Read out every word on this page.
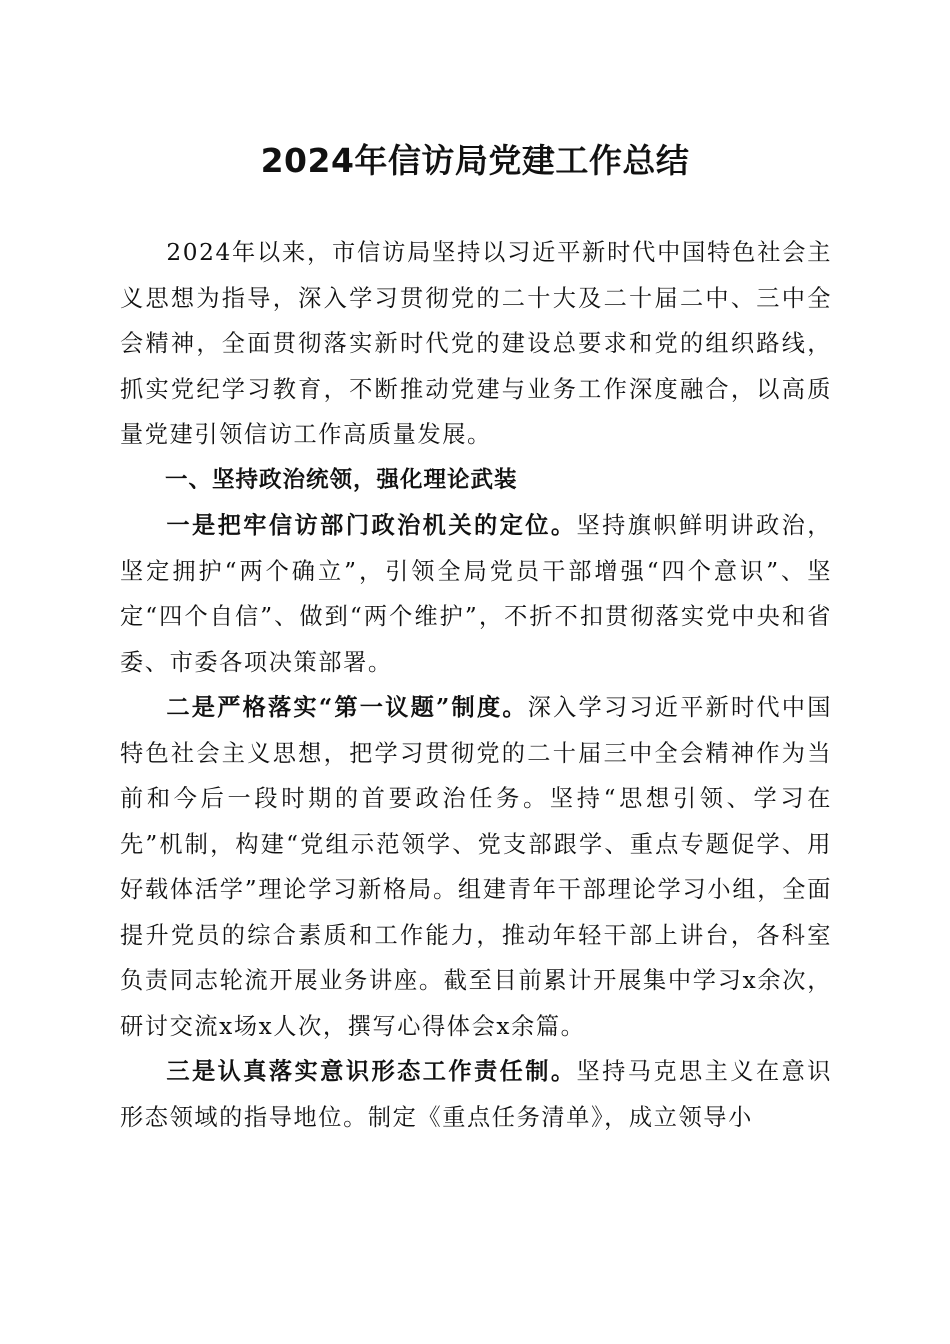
2024年信访局党建工作总结

2024年以来，市信访局坚持以习近平新时代中国特色社会主义思想为指导，深入学习贯彻党的二十大及二十届二中、三中全会精神，全面贯彻落实新时代党的建设总要求和党的组织路线，抓实党纪学习教育，不断推动党建与业务工作深度融合，以高质量党建引领信访工作高质量发展。

一、坚持政治统领，强化理论武装

一是把牢信访部门政治机关的定位。坚持旗帜鲜明讲政治，坚定拥护“两个确立”，引领全局党员干部增强“四个意识”、坚定“四个自信”、做到“两个维护”，不折不扣贯彻落实党中央和省委、市委各项决策部署。

二是严格落实“第一议题”制度。深入学习习近平新时代中国特色社会主义思想，把学习贯彻党的二十届三中全会精神作为当前和今后一段时期的首要政治任务。坚持“思想引领、学习在先”机制，构建“党组示范领学、党支部跟学、重点专题促学、用好载体活学”理论学习新格局。组建青年干部理论学习小组，全面提升党员的综合素质和工作能力，推动年轻干部上讲台，各科室负责同志轮流开展业务讲座。截至目前累计开展集中学习x余次，研讨交流x场x人次，撰写心得体会x余篇。

三是认真落实意识形态工作责任制。坚持马克思主义在意识形态领域的指导地位。制定《重点任务清单》，成立领导小
